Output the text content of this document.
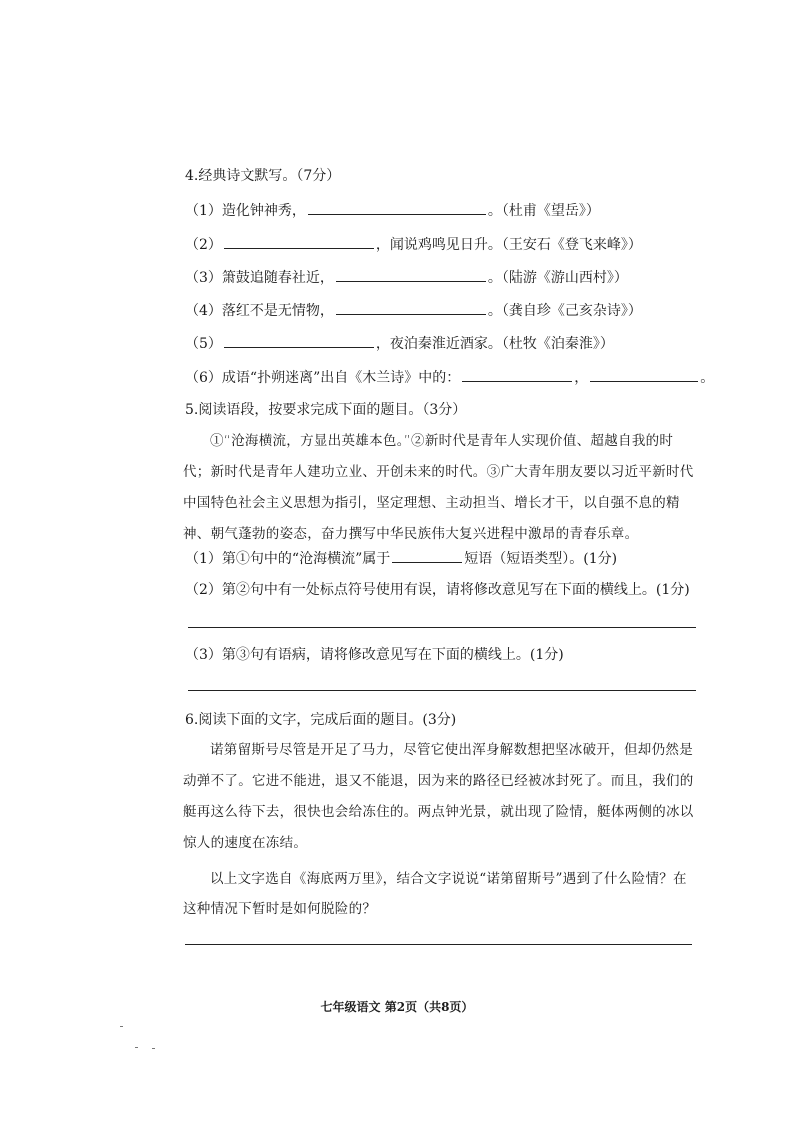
4.经典诗文默写。（7分）
（1）造化钟神秀，	。（杜甫《望岳》）
（2）	，闻说鸡鸣见日升。（王安石《登飞来峰》）
（3）箫鼓追随春社近，	。（陆游《游山西村》）
（4）落红不是无情物，	。（龚自珍《己亥杂诗》）
（5）	，夜泊秦淮近酒家。（杜牧《泊秦淮》）
（6）成语“扑朔迷离”出自《木兰诗》中的：	，	。
5.阅读语段，按要求完成下面的题目。（3分）
①“沧海横流，方显出英雄本色。”②新时代是青年人实现价值、超越自我的时代；新时代是青年人建功立业、开创未来的时代。③广大青年朋友要以习近平新时代中国特色社会主义思想为指引，坚定理想、主动担当、增长才干，以自强不息的精神、朝气蓬勃的姿态，奋力撰写中华民族伟大复兴进程中激昂的青春乐章。
（1）第①句中的“沧海横流”属于	短语（短语类型）。(1分)
（2）第②句中有一处标点符号使用有误，请将修改意见写在下面的横线上。(1分)
（3）第③句有语病，请将修改意见写在下面的横线上。(1分)
6.阅读下面的文字，完成后面的题目。(3分)
诺第留斯号尽管是开足了马力，尽管它使出浑身解数想把坚冰破开，但却仍然是动弹不了。它进不能进，退又不能退，因为来的路径已经被冰封死了。而且，我们的艇再这么待下去，很快也会给冻住的。两点钟光景，就出现了险情，艇体两侧的冰以惊人的速度在冻结。
以上文字选自《海底两万里》，结合文字说说“诺第留斯号”遇到了什么险情？在这种情况下暂时是如何脱险的？
七年级语文 第2页（共8页）
